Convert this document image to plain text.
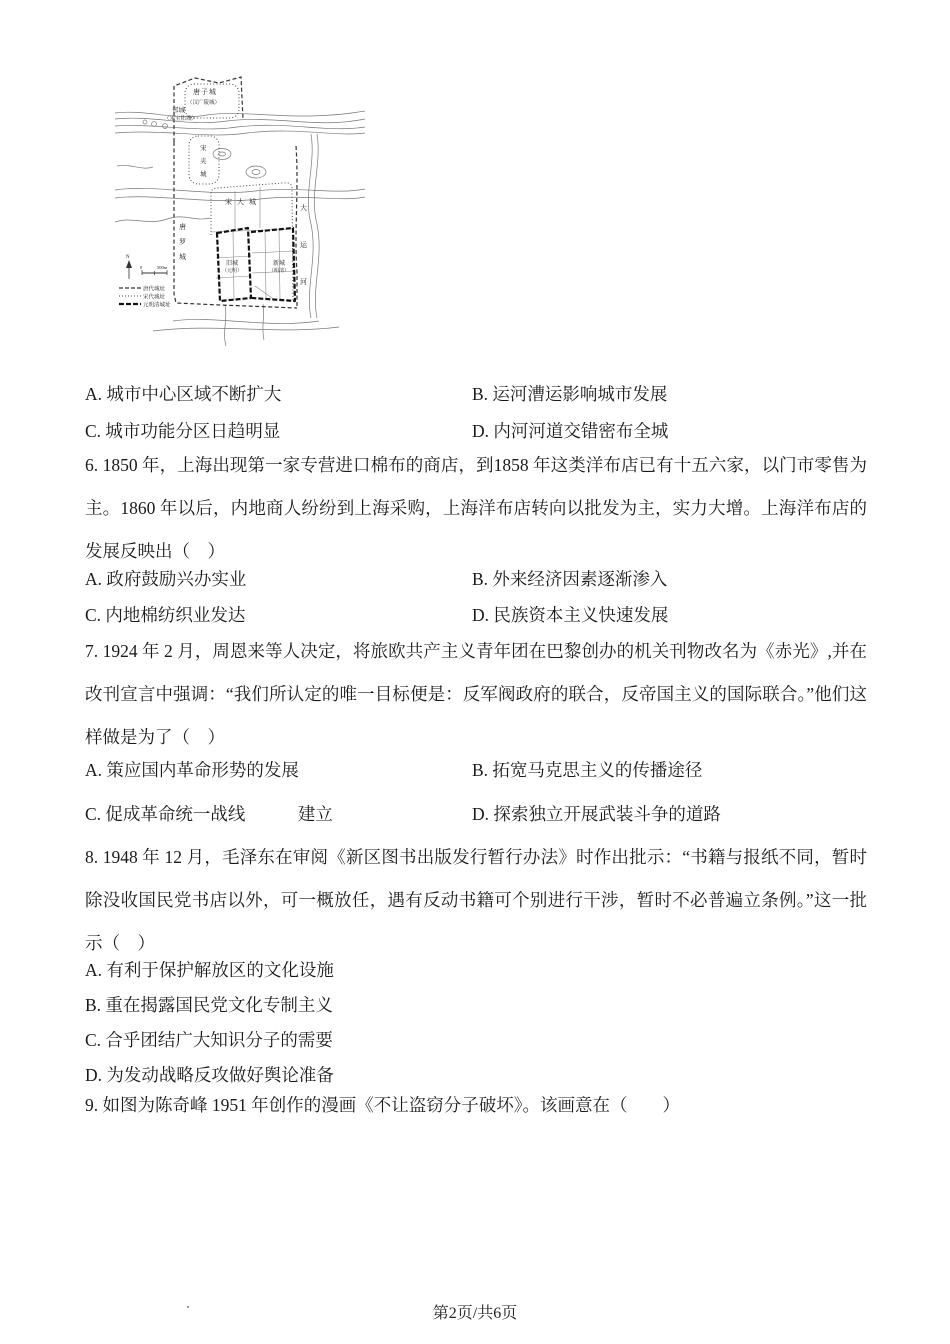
N
0	500m
唐代城址
宋代城址
元明清城址
唐子城
（汉广陵城）
邗城
（宋宝佑城）
宋夹城
宋大城
唐罗城
旧城
（元明）
新城
（明清）
大运河
A. 城市中心区域不断扩大	B. 运河漕运影响城市发展
C. 城市功能分区日趋明显	D. 内河河道交错密布全城
6. 1850 年，上海出现第一家专营进口棉布的商店，到1858 年这类洋布店已有十五六家，以门市零售为主。1860 年以后，内地商人纷纷到上海采购，上海洋布店转向以批发为主，实力大增。上海洋布店的发展反映出（　）
A. 政府鼓励兴办实业	B. 外来经济因素逐渐渗入
C. 内地棉纺织业发达	D. 民族资本主义快速发展
7. 1924 年 2 月，周恩来等人决定，将旅欧共产主义青年团在巴黎创办的机关刊物改名为《赤光》,并在改刊宣言中强调：“我们所认定的唯一目标便是：反军阀政府的联合，反帝国主义的国际联合。”他们这样做是为了（　）
A. 策应国内革命形势的发展	B. 拓宽马克思主义的传播途径
C. 促成革命统一战线　　　建立	D. 探索独立开展武装斗争的道路
8. 1948 年 12 月，毛泽东在审阅《新区图书出版发行暂行办法》时作出批示：“书籍与报纸不同，暂时除没收国民党书店以外，可一概放任，遇有反动书籍可个别进行干涉，暂时不必普遍立条例。”这一批示（　）
A. 有利于保护解放区的文化设施
B. 重在揭露国民党文化专制主义
C. 合乎团结广大知识分子的需要
D. 为发动战略反攻做好舆论准备
9. 如图为陈奇峰 1951 年创作的漫画《不让盗窃分子破坏》。该画意在（　　）
第2页/共6页
